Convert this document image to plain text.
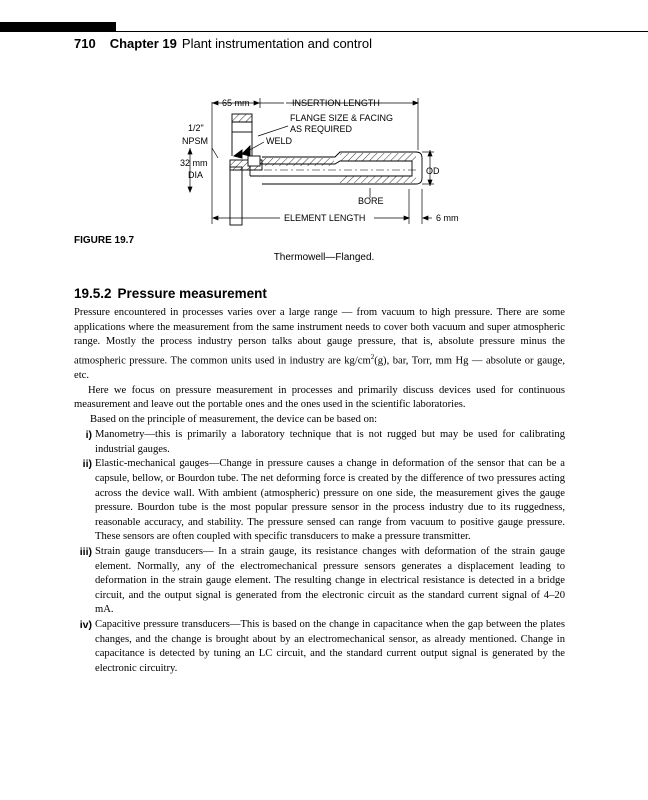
710 Chapter 19 Plant instrumentation and control
65 mm	INSERTION LENGTH
FLANGE SIZE & FACING
AS REQUIRED
1/2"
NPSM	WELD
32 mm
DIA	OD
BORE
ELEMENT LENGTH	6 mm
FIGURE 19.7
Thermowell—Flanged.
19.5.2 Pressure measurement

Pressure encountered in processes varies over a large range — from vacuum to high pressure. There are some applications where the measurement from the same instrument needs to cover both vacuum and super atmospheric range. Mostly the process industry person talks about gauge pressure, that is, absolute pressure minus the atmospheric pressure. The common units used in industry are $kg/cm^2(g)$, bar, Torr, mm Hg — absolute or gauge, etc.

Here we focus on pressure measurement in processes and primarily discuss devices used for continuous measurement and leave out the portable ones and the ones used in the scientific laboratories.

Based on the principle of measurement, the device can be based on:

i) Manometry—this is primarily a laboratory technique that is not rugged but may be used for calibrating industrial gauges.

ii) Elastic-mechanical gauges—Change in pressure causes a change in deformation of the sensor that can be a capsule, bellow, or Bourdon tube. The net deforming force is created by the difference of two pressures acting across the device wall. With ambient (atmospheric) pressure on one side, the measurement gives the gauge pressure. Bourdon tube is the most popular pressure sensor in the process industry due to its ruggedness, reasonable accuracy, and stability. The pressure sensed can range from vacuum to positive gauge pressure. These sensors are often coupled with specific transducers to make a pressure transmitter.

iii) Strain gauge transducers— In a strain gauge, its resistance changes with deformation of the strain gauge element. Normally, any of the electromechanical pressure sensors generates a displacement leading to deformation in the strain gauge element. The resulting change in electrical resistance is detected in a bridge circuit, and the output signal is generated from the electronic circuit as the standard current signal of 4–20 mA.

iv) Capacitive pressure transducers—This is based on the change in capacitance when the gap between the plates changes, and the change is brought about by an electromechanical sensor, as already mentioned. Change in capacitance is detected by tuning an LC circuit, and the standard current output signal is generated by the electronic circuitry.
